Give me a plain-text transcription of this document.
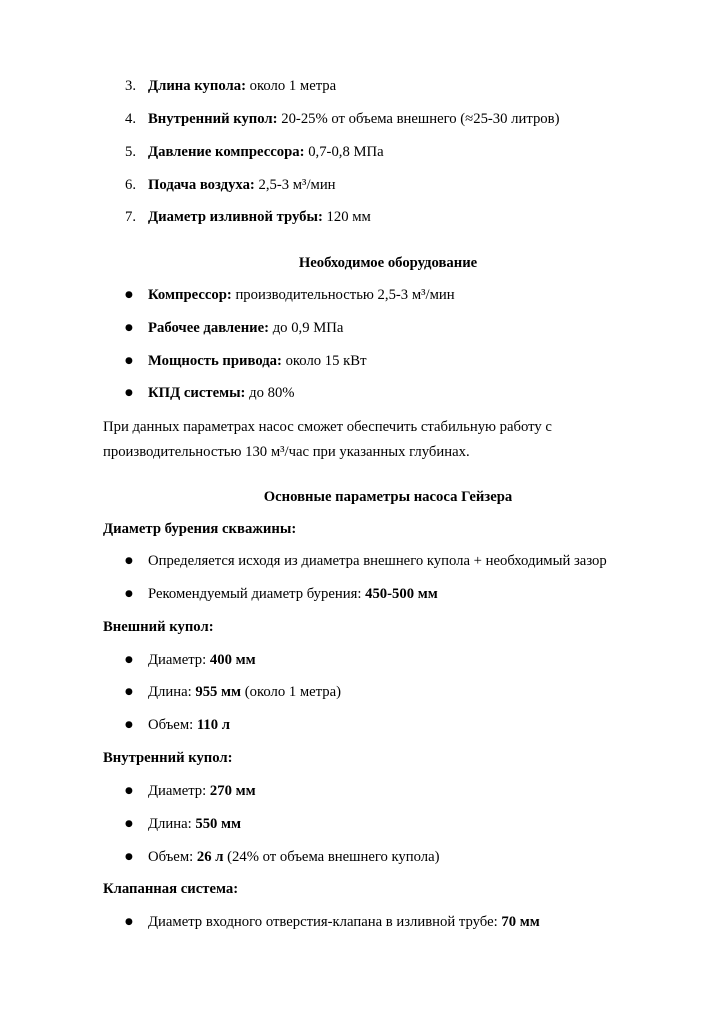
3. Длина купола: около 1 метра
4. Внутренний купол: 20-25% от объема внешнего (≈25-30 литров)
5. Давление компрессора: 0,7-0,8 МПа
6. Подача воздуха: 2,5-3 м³/мин
7. Диаметр изливной трубы: 120 мм
Необходимое оборудование
● Компрессор: производительностью 2,5-3 м³/мин
● Рабочее давление: до 0,9 МПа
● Мощность привода: около 15 кВт
● КПД системы: до 80%
При данных параметрах насос сможет обеспечить стабильную работу с
производительностью 130 м³/час при указанных глубинах.
Основные параметры насоса Гейзера
Диаметр бурения скважины:
● Определяется исходя из диаметра внешнего купола + необходимый зазор
● Рекомендуемый диаметр бурения: 450-500 мм
Внешний купол:
● Диаметр: 400 мм
● Длина: 955 мм (около 1 метра)
● Объем: 110 л
Внутренний купол:
● Диаметр: 270 мм
● Длина: 550 мм
● Объем: 26 л (24% от объема внешнего купола)
Клапанная система:
● Диаметр входного отверстия-клапана в изливной трубе: 70 мм
